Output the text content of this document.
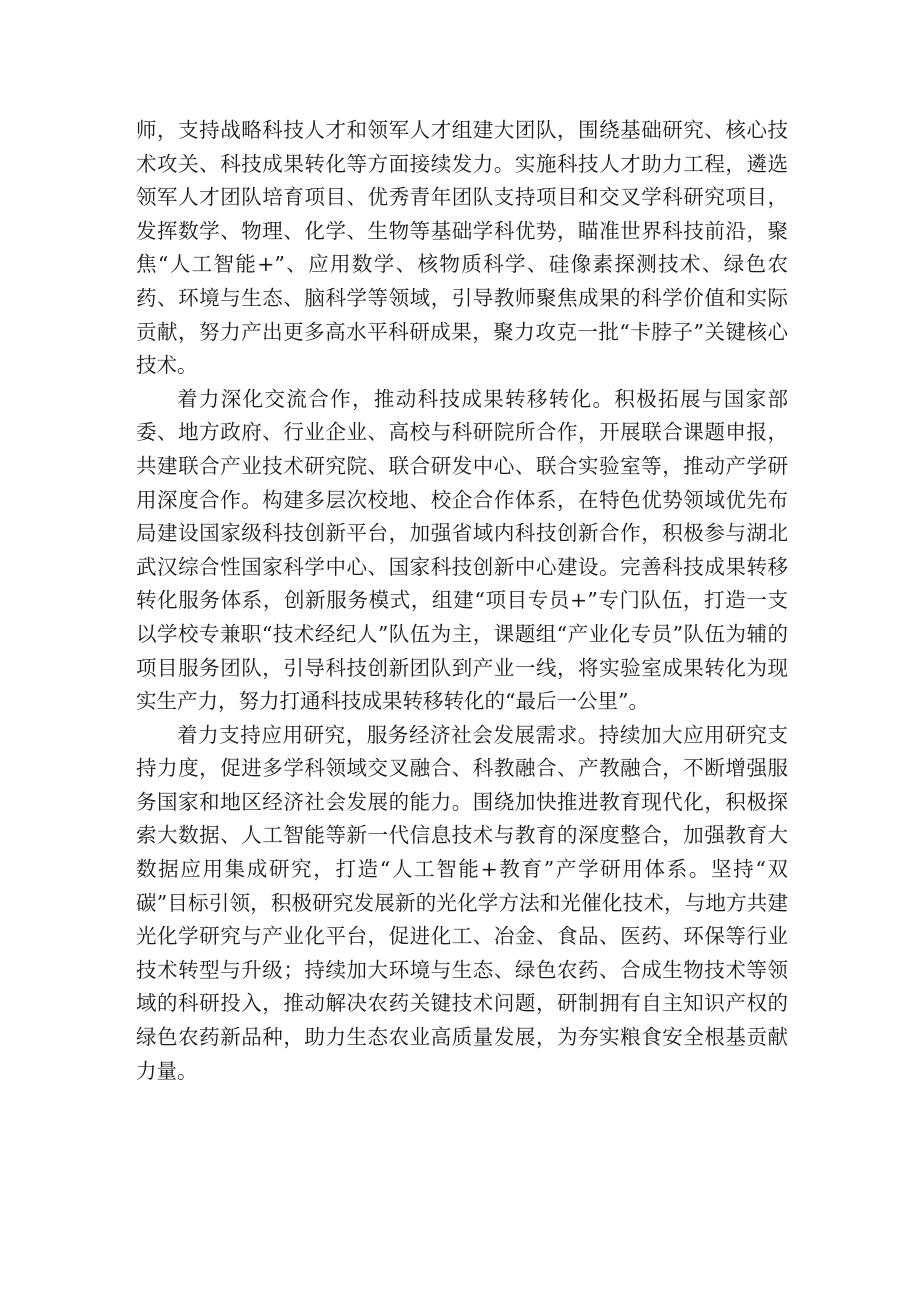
师，支持战略科技人才和领军人才组建大团队，围绕基础研究、核心技术攻关、科技成果转化等方面接续发力。实施科技人才助力工程，遴选领军人才团队培育项目、优秀青年团队支持项目和交叉学科研究项目，发挥数学、物理、化学、生物等基础学科优势，瞄准世界科技前沿，聚焦“人工智能+”、应用数学、核物质科学、硅像素探测技术、绿色农药、环境与生态、脑科学等领域，引导教师聚焦成果的科学价值和实际贡献，努力产出更多高水平科研成果，聚力攻克一批“卡脖子”关键核心技术。

着力深化交流合作，推动科技成果转移转化。积极拓展与国家部委、地方政府、行业企业、高校与科研院所合作，开展联合课题申报，共建联合产业技术研究院、联合研发中心、联合实验室等，推动产学研用深度合作。构建多层次校地、校企合作体系，在特色优势领域优先布局建设国家级科技创新平台，加强省域内科技创新合作，积极参与湖北武汉综合性国家科学中心、国家科技创新中心建设。完善科技成果转移转化服务体系，创新服务模式，组建“项目专员+”专门队伍，打造一支以学校专兼职“技术经纪人”队伍为主，课题组“产业化专员”队伍为辅的项目服务团队，引导科技创新团队到产业一线，将实验室成果转化为现实生产力，努力打通科技成果转移转化的“最后一公里”。

着力支持应用研究，服务经济社会发展需求。持续加大应用研究支持力度，促进多学科领域交叉融合、科教融合、产教融合，不断增强服务国家和地区经济社会发展的能力。围绕加快推进教育现代化，积极探索大数据、人工智能等新一代信息技术与教育的深度整合，加强教育大数据应用集成研究，打造“人工智能+教育”产学研用体系。坚持“双碳”目标引领，积极研究发展新的光化学方法和光催化技术，与地方共建光化学研究与产业化平台，促进化工、冶金、食品、医药、环保等行业技术转型与升级；持续加大环境与生态、绿色农药、合成生物技术等领域的科研投入，推动解决农药关键技术问题，研制拥有自主知识产权的绿色农药新品种，助力生态农业高质量发展，为夯实粮食安全根基贡献力量。
